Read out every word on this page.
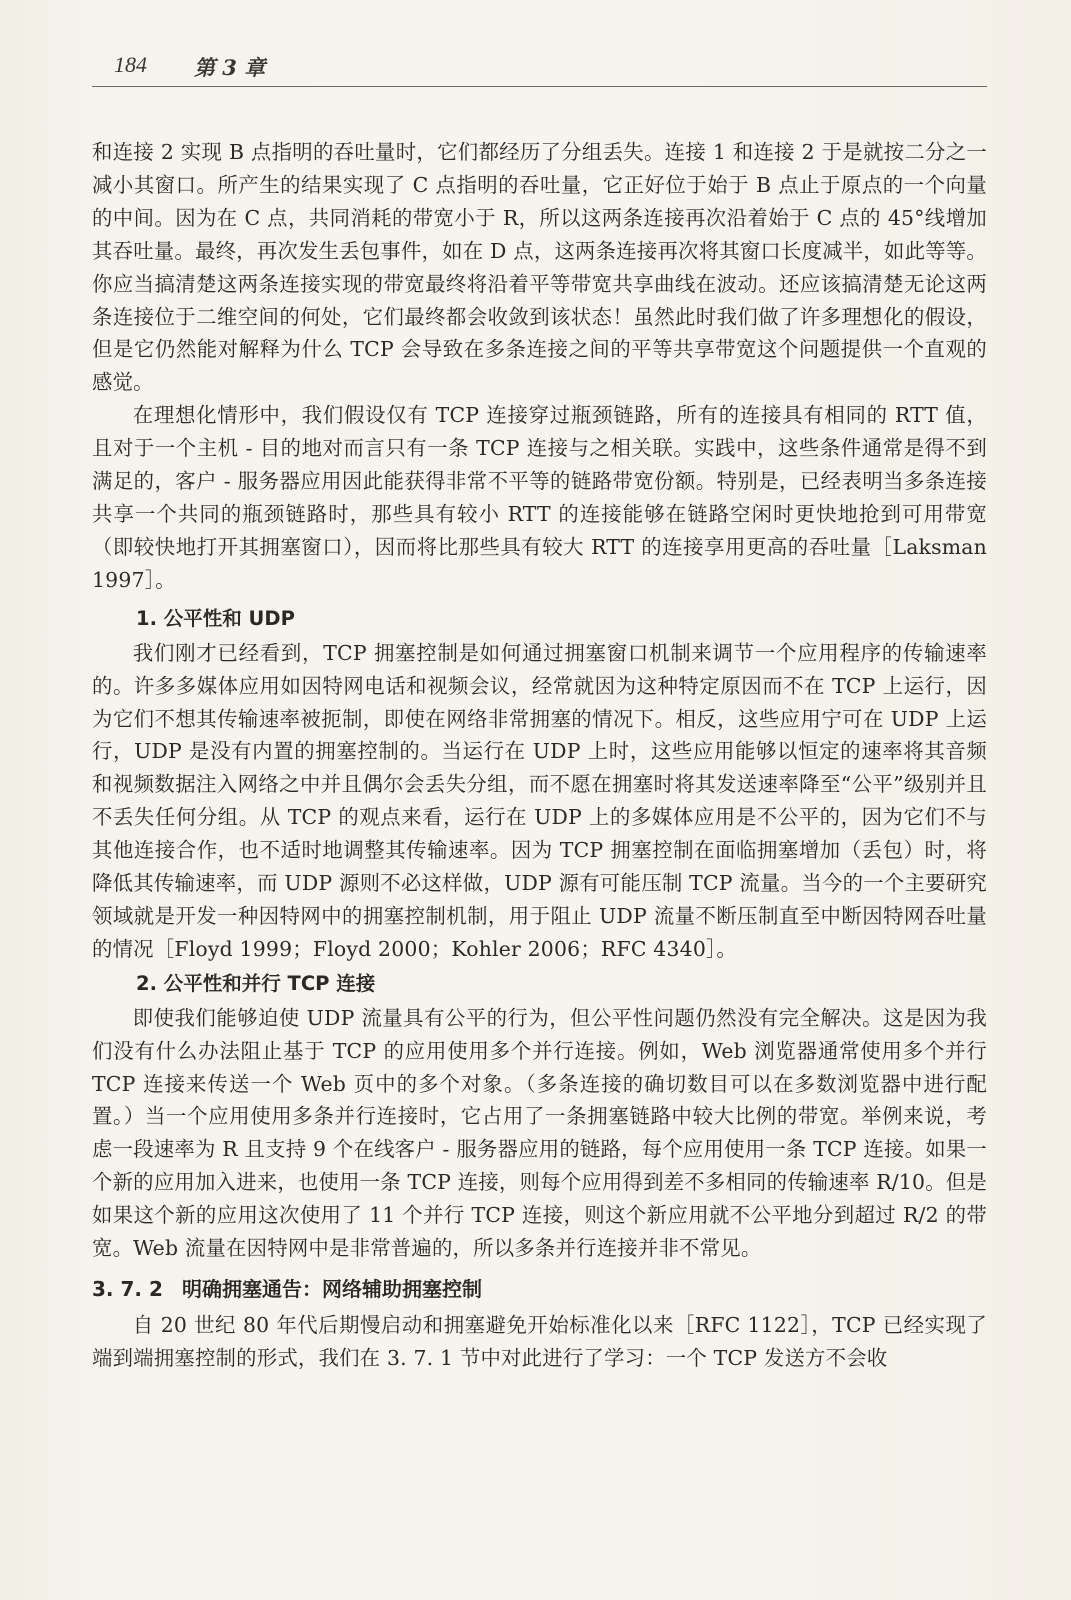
184 第 3 章

和连接 2 实现 B 点指明的吞吐量时，它们都经历了分组丢失。连接 1 和连接 2 于是就按二分之一减小其窗口。所产生的结果实现了 C 点指明的吞吐量，它正好位于始于 B 点止于原点的一个向量的中间。因为在 C 点，共同消耗的带宽小于 R，所以这两条连接再次沿着始于 C 点的 45°线增加其吞吐量。最终，再次发生丢包事件，如在 D 点，这两条连接再次将其窗口长度减半，如此等等。你应当搞清楚这两条连接实现的带宽最终将沿着平等带宽共享曲线在波动。还应该搞清楚无论这两条连接位于二维空间的何处，它们最终都会收敛到该状态！虽然此时我们做了许多理想化的假设，但是它仍然能对解释为什么 TCP 会导致在多条连接之间的平等共享带宽这个问题提供一个直观的感觉。

在理想化情形中，我们假设仅有 TCP 连接穿过瓶颈链路，所有的连接具有相同的 RTT 值，且对于一个主机 - 目的地对而言只有一条 TCP 连接与之相关联。实践中，这些条件通常是得不到满足的，客户 - 服务器应用因此能获得非常不平等的链路带宽份额。特别是，已经表明当多条连接共享一个共同的瓶颈链路时，那些具有较小 RTT 的连接能够在链路空闲时更快地抢到可用带宽（即较快地打开其拥塞窗口），因而将比那些具有较大 RTT 的连接享用更高的吞吐量［Laksman 1997］。

1. 公平性和 UDP

我们刚才已经看到，TCP 拥塞控制是如何通过拥塞窗口机制来调节一个应用程序的传输速率的。许多多媒体应用如因特网电话和视频会议，经常就因为这种特定原因而不在 TCP 上运行，因为它们不想其传输速率被扼制，即使在网络非常拥塞的情况下。相反，这些应用宁可在 UDP 上运行，UDP 是没有内置的拥塞控制的。当运行在 UDP 上时，这些应用能够以恒定的速率将其音频和视频数据注入网络之中并且偶尔会丢失分组，而不愿在拥塞时将其发送速率降至“公平”级别并且不丢失任何分组。从 TCP 的观点来看，运行在 UDP 上的多媒体应用是不公平的，因为它们不与其他连接合作，也不适时地调整其传输速率。因为 TCP 拥塞控制在面临拥塞增加（丢包）时，将降低其传输速率，而 UDP 源则不必这样做，UDP 源有可能压制 TCP 流量。当今的一个主要研究领域就是开发一种因特网中的拥塞控制机制，用于阻止 UDP 流量不断压制直至中断因特网吞吐量的情况［Floyd 1999；Floyd 2000；Kohler 2006；RFC 4340］。

2. 公平性和并行 TCP 连接

即使我们能够迫使 UDP 流量具有公平的行为，但公平性问题仍然没有完全解决。这是因为我们没有什么办法阻止基于 TCP 的应用使用多个并行连接。例如，Web 浏览器通常使用多个并行 TCP 连接来传送一个 Web 页中的多个对象。（多条连接的确切数目可以在多数浏览器中进行配置。）当一个应用使用多条并行连接时，它占用了一条拥塞链路中较大比例的带宽。举例来说，考虑一段速率为 R 且支持 9 个在线客户 - 服务器应用的链路，每个应用使用一条 TCP 连接。如果一个新的应用加入进来，也使用一条 TCP 连接，则每个应用得到差不多相同的传输速率 R/10。但是如果这个新的应用这次使用了 11 个并行 TCP 连接，则这个新应用就不公平地分到超过 R/2 的带宽。Web 流量在因特网中是非常普遍的，所以多条并行连接并非不常见。

3. 7. 2 明确拥塞通告：网络辅助拥塞控制

自 20 世纪 80 年代后期慢启动和拥塞避免开始标准化以来［RFC 1122］，TCP 已经实现了端到端拥塞控制的形式，我们在 3. 7. 1 节中对此进行了学习：一个 TCP 发送方不会收
